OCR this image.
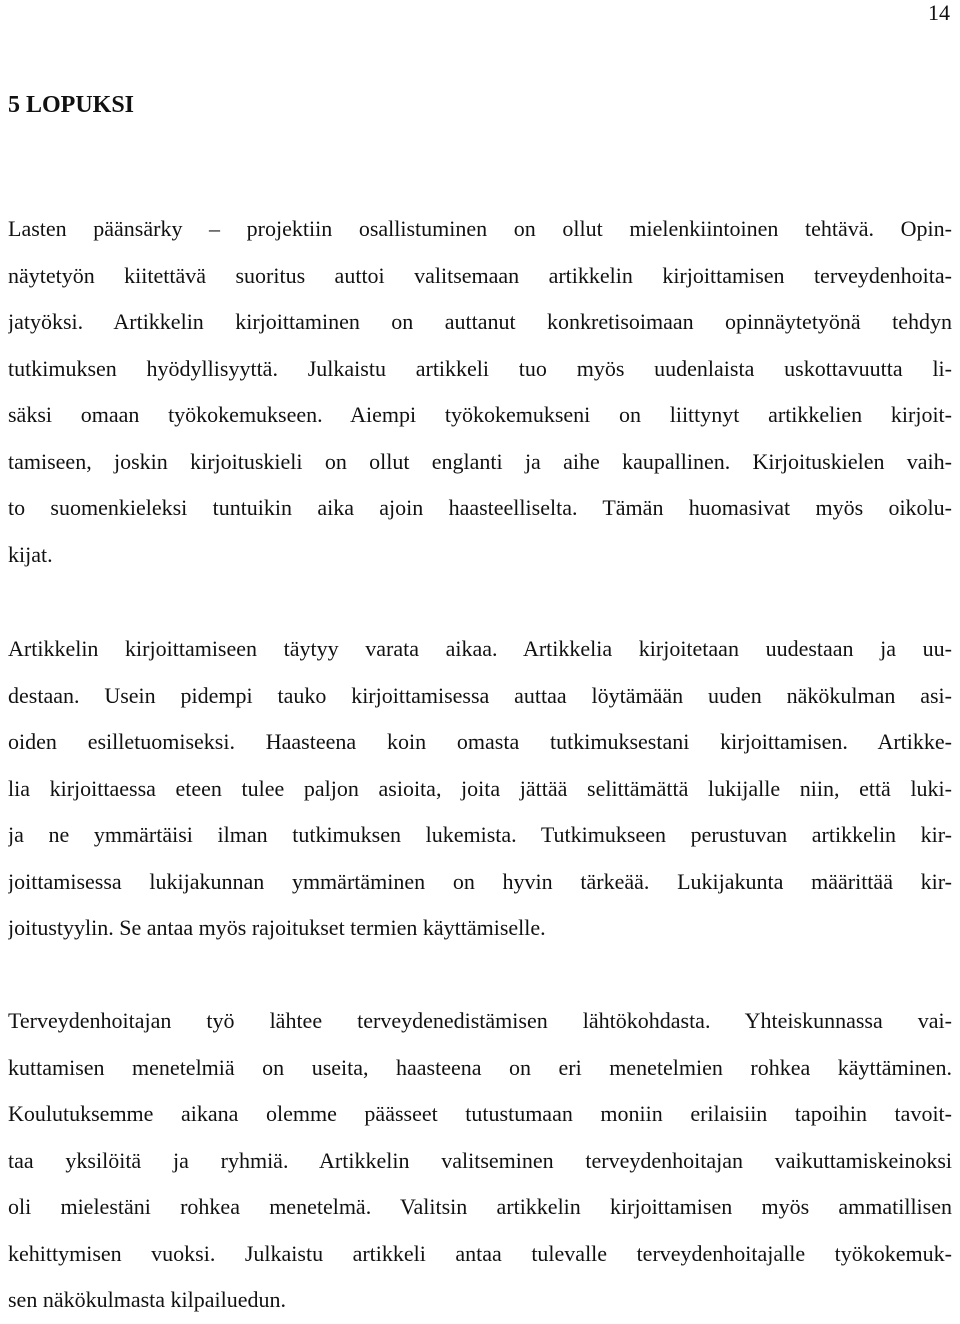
14
5 LOPUKSI
Lasten päänsärky – projektiin osallistuminen on ollut mielenkiintoinen tehtävä. Opin-
näytetyön kiitettävä suoritus auttoi valitsemaan artikkelin kirjoittamisen terveydenhoita-
jatyöksi. Artikkelin kirjoittaminen on auttanut konkretisoimaan opinnäytetyönä tehdyn
tutkimuksen hyödyllisyyttä. Julkaistu artikkeli tuo myös uudenlaista uskottavuutta li-
säksi omaan työkokemukseen. Aiempi työkokemukseni on liittynyt artikkelien kirjoit-
tamiseen, joskin kirjoituskieli on ollut englanti ja aihe kaupallinen. Kirjoituskielen vaih-
to suomenkieleksi tuntuikin aika ajoin haasteelliselta. Tämän huomasivat myös oikolu-
kijat.
Artikkelin kirjoittamiseen täytyy varata aikaa. Artikkelia kirjoitetaan uudestaan ja uu-
destaan. Usein pidempi tauko kirjoittamisessa auttaa löytämään uuden näkökulman asi-
oiden esilletuomiseksi. Haasteena koin omasta tutkimuksestani kirjoittamisen. Artikke-
lia kirjoittaessa eteen tulee paljon asioita, joita jättää selittämättä lukijalle niin, että luki-
ja ne ymmärtäisi ilman tutkimuksen lukemista. Tutkimukseen perustuvan artikkelin kir-
joittamisessa lukijakunnan ymmärtäminen on hyvin tärkeää. Lukijakunta määrittää kir-
joitustyylin. Se antaa myös rajoitukset termien käyttämiselle.
Terveydenhoitajan työ lähtee terveydenedistämisen lähtökohdasta. Yhteiskunnassa vai-
kuttamisen menetelmiä on useita, haasteena on eri menetelmien rohkea käyttäminen.
Koulutuksemme aikana olemme päässeet tutustumaan moniin erilaisiin tapoihin tavoit-
taa yksilöitä ja ryhmiä. Artikkelin valitseminen terveydenhoitajan vaikuttamiskeinoksi
oli mielestäni rohkea menetelmä. Valitsin artikkelin kirjoittamisen myös ammatillisen
kehittymisen vuoksi. Julkaistu artikkeli antaa tulevalle terveydenhoitajalle työkokemuk-
sen näkökulmasta kilpailuedun.
